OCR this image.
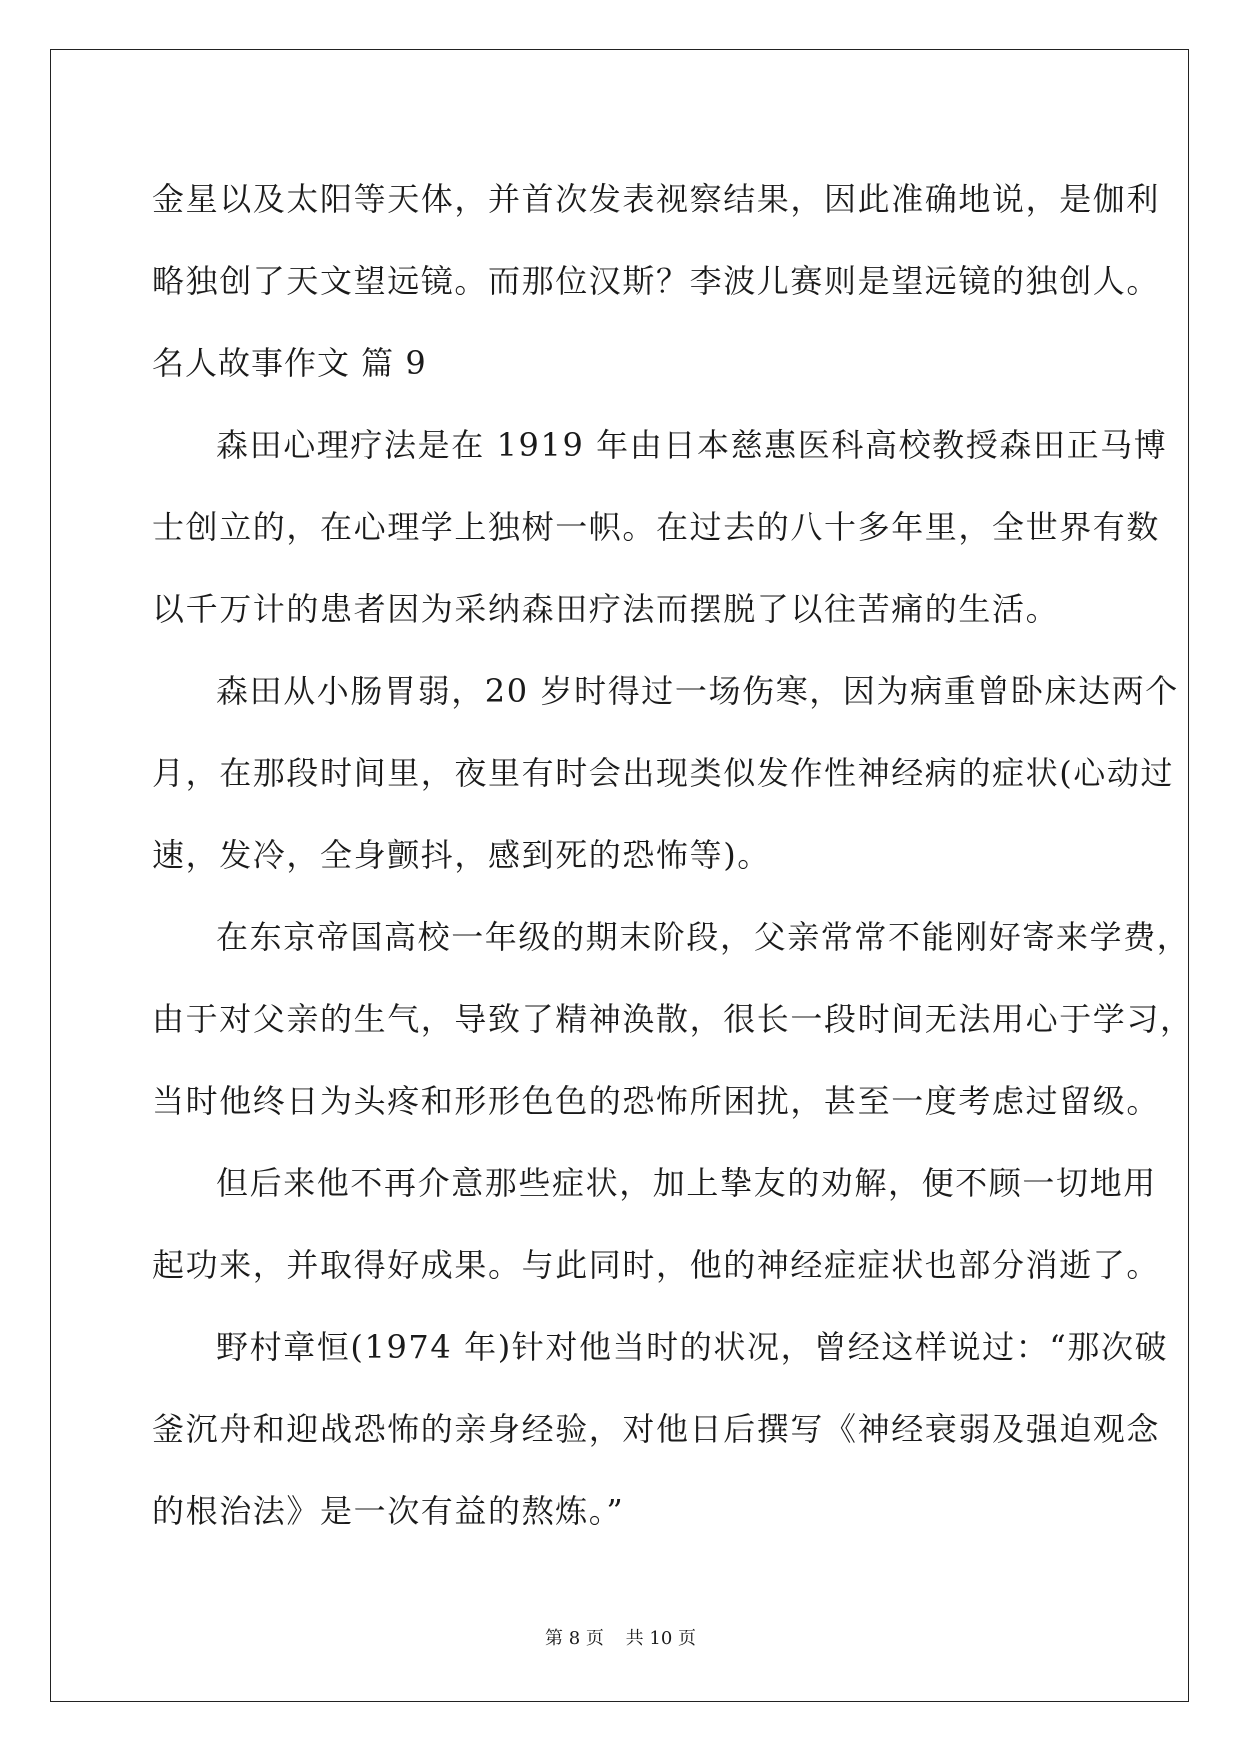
金星以及太阳等天体，并首次发表视察结果，因此准确地说，是伽利
略独创了天文望远镜。而那位汉斯？李波儿赛则是望远镜的独创人。
名人故事作文 篇 9
森田心理疗法是在 1919 年由日本慈惠医科高校教授森田正马博
士创立的，在心理学上独树一帜。在过去的八十多年里，全世界有数
以千万计的患者因为采纳森田疗法而摆脱了以往苦痛的生活。
森田从小肠胃弱，20 岁时得过一场伤寒，因为病重曾卧床达两个
月，在那段时间里，夜里有时会出现类似发作性神经病的症状(心动过
速，发冷，全身颤抖，感到死的恐怖等)。
在东京帝国高校一年级的期末阶段，父亲常常不能刚好寄来学费，
由于对父亲的生气，导致了精神涣散，很长一段时间无法用心于学习，
当时他终日为头疼和形形色色的恐怖所困扰，甚至一度考虑过留级。
但后来他不再介意那些症状，加上挚友的劝解，便不顾一切地用
起功来，并取得好成果。与此同时，他的神经症症状也部分消逝了。
野村章恒(1974 年)针对他当时的状况，曾经这样说过：“那次破
釜沉舟和迎战恐怖的亲身经验，对他日后撰写《神经衰弱及强迫观念
的根治法》是一次有益的熬炼。”
第 8 页 共 10 页
